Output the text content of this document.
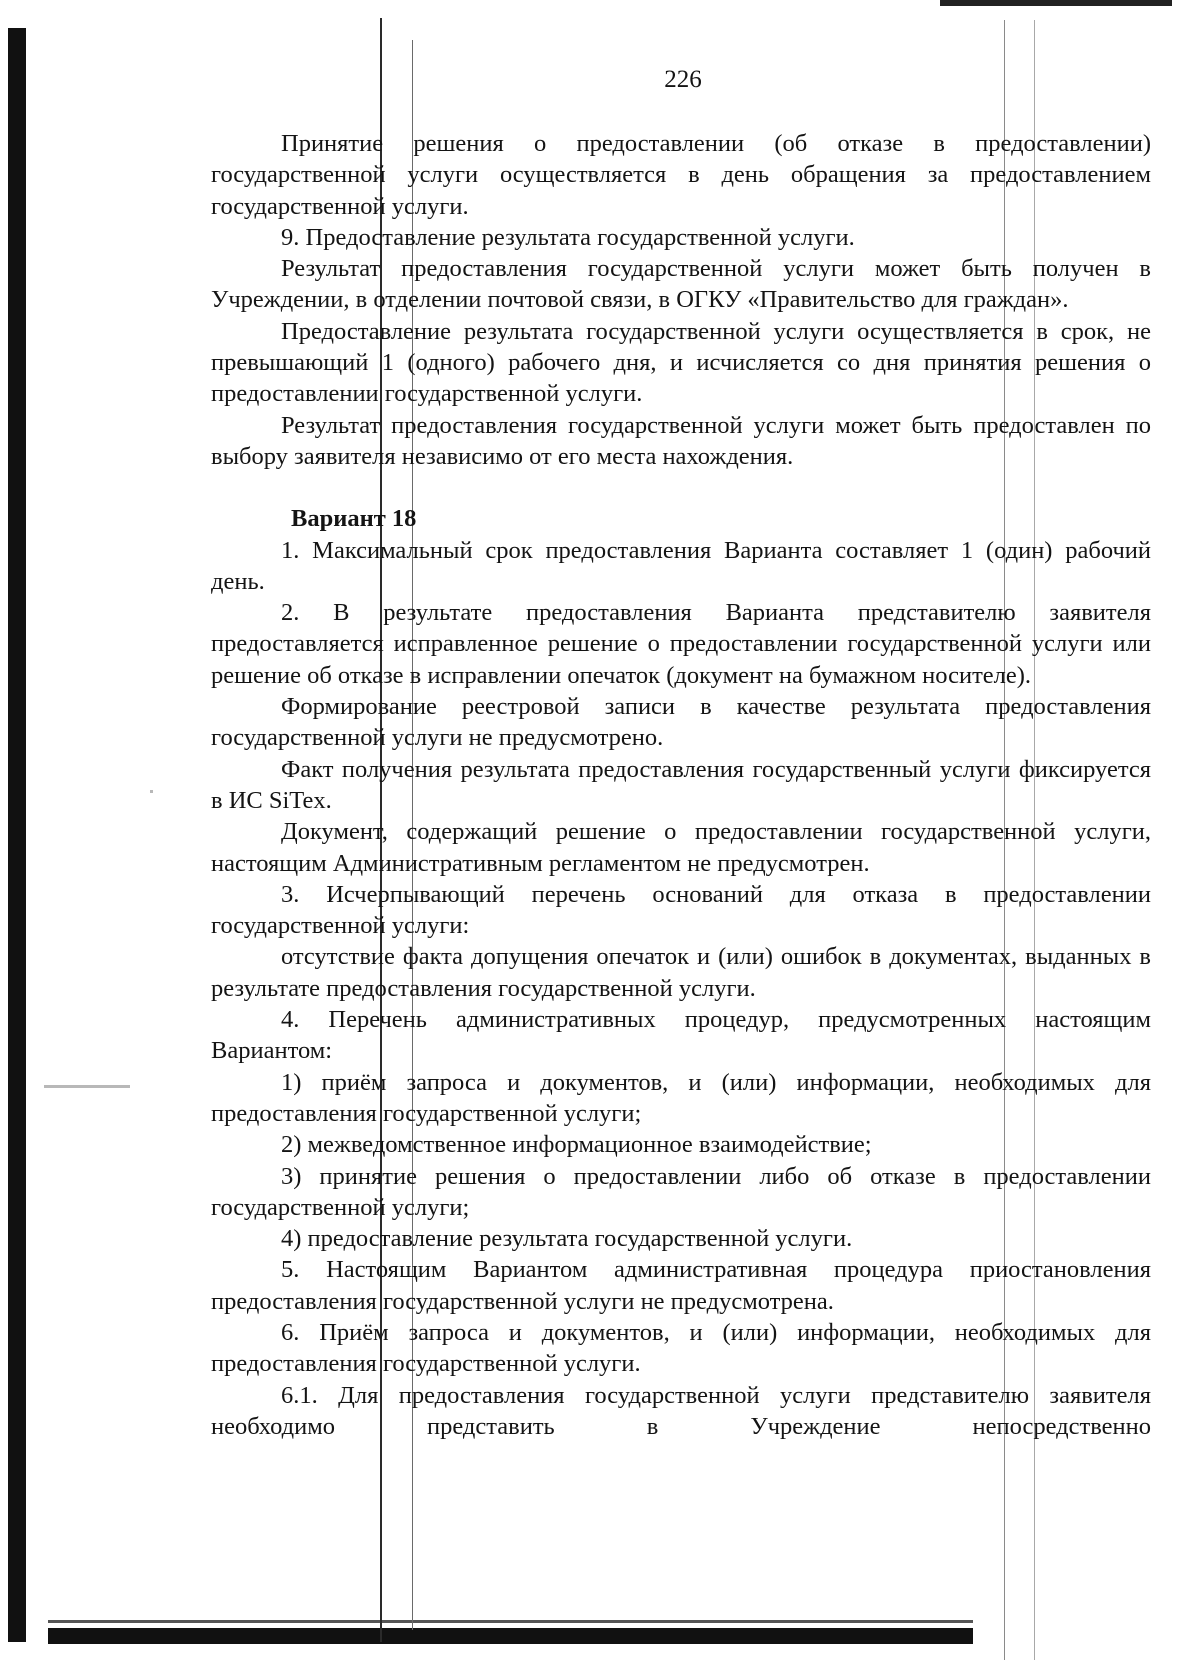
226

Принятие решения о предоставлении (об отказе в предоставлении) государственной услуги осуществляется в день обращения за предоставлением государственной услуги.

9. Предоставление результата государственной услуги.

Результат предоставления государственной услуги может быть получен в Учреждении, в отделении почтовой связи, в ОГКУ «Правительство для граждан».

Предоставление результата государственной услуги осуществляется в срок, не превышающий 1 (одного) рабочего дня, и исчисляется со дня принятия решения о предоставлении государственной услуги.

Результат предоставления государственной услуги может быть предоставлен по выбору заявителя независимо от его места нахождения.

Вариант 18

1. Максимальный срок предоставления Варианта составляет 1 (один) рабочий день.

2. В результате предоставления Варианта представителю заявителя предоставляется исправленное решение о предоставлении государственной услуги или решение об отказе в исправлении опечаток (документ на бумажном носителе).

Формирование реестровой записи в качестве результата предоставления государственной услуги не предусмотрено.

Факт получения результата предоставления государственный услуги фиксируется в ИС SiTex.

Документ, содержащий решение о предоставлении государственной услуги, настоящим Административным регламентом не предусмотрен.

3. Исчерпывающий перечень оснований для отказа в предоставлении государственной услуги:

отсутствие факта допущения опечаток и (или) ошибок в документах, выданных в результате предоставления государственной услуги.

4. Перечень административных процедур, предусмотренных настоящим Вариантом:

1) приём запроса и документов, и (или) информации, необходимых для предоставления государственной услуги;

2) межведомственное информационное взаимодействие;

3) принятие решения о предоставлении либо об отказе в предоставлении государственной услуги;

4) предоставление результата государственной услуги.

5. Настоящим Вариантом административная процедура приостановления предоставления государственной услуги не предусмотрена.

6. Приём запроса и документов, и (или) информации, необходимых для предоставления государственной услуги.

6.1. Для предоставления государственной услуги представителю заявителя необходимо представить в Учреждение непосредственно
